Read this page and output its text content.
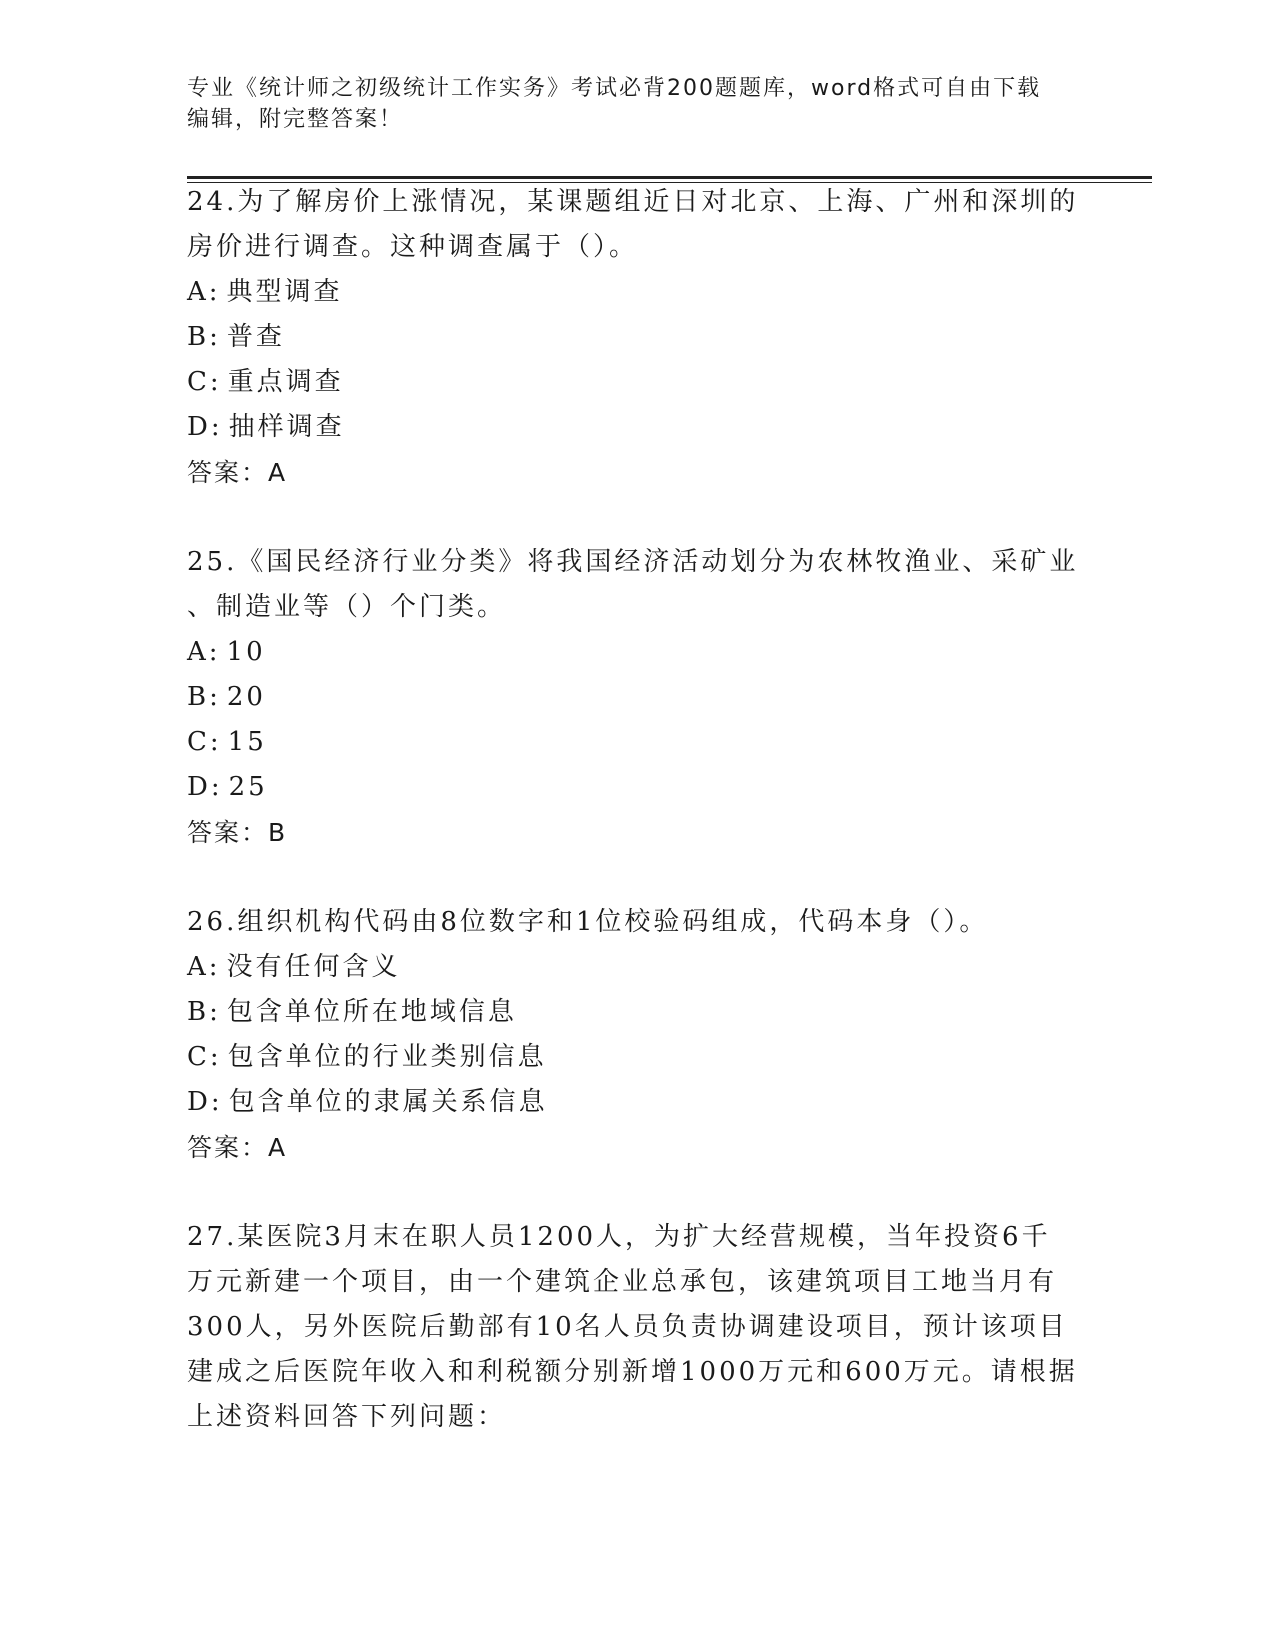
专业《统计师之初级统计工作实务》考试必背200题题库，word格式可自由下载
编辑，附完整答案！

24.为了解房价上涨情况，某课题组近日对北京、上海、广州和深圳的

房价进行调查。这种调查属于（）。

A: 典型调查

B: 普查

C: 重点调查

D: 抽样调查

答案：A

25.《国民经济行业分类》将我国经济活动划分为农林牧渔业、采矿业

、制造业等（）个门类。

A: 10

B: 20

C: 15

D: 25

答案：B

26.组织机构代码由8位数字和1位校验码组成，代码本身（）。

A: 没有任何含义

B: 包含单位所在地域信息

C: 包含单位的行业类别信息

D: 包含单位的隶属关系信息

答案：A

27.某医院3月末在职人员1200人，为扩大经营规模，当年投资6千

万元新建一个项目，由一个建筑企业总承包，该建筑项目工地当月有

300人，另外医院后勤部有10名人员负责协调建设项目，预计该项目

建成之后医院年收入和利税额分别新增1000万元和600万元。请根据

上述资料回答下列问题：
